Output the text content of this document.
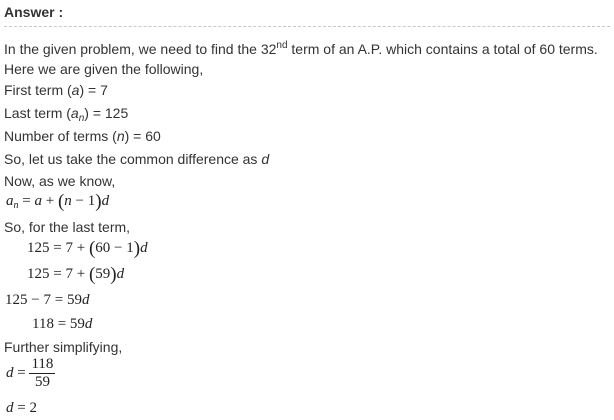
Answer :
In the given problem, we need to find the 32nd term of an A.P. which contains a total of 60 terms.
Here we are given the following,
First term (a) = 7
Last term $(a_n) = 125$
Number of terms (n) = 60
So, let us take the common difference as d
Now, as we know,
$a_n = a + (n - 1)d$
So, for the last term,
125 = 7 + (60 − 1)d
125 = 7 + (59)d
125 − 7 = 59d
118 = 59d
Further simplifying,
$d = \frac{118}{59}$
d = 2
